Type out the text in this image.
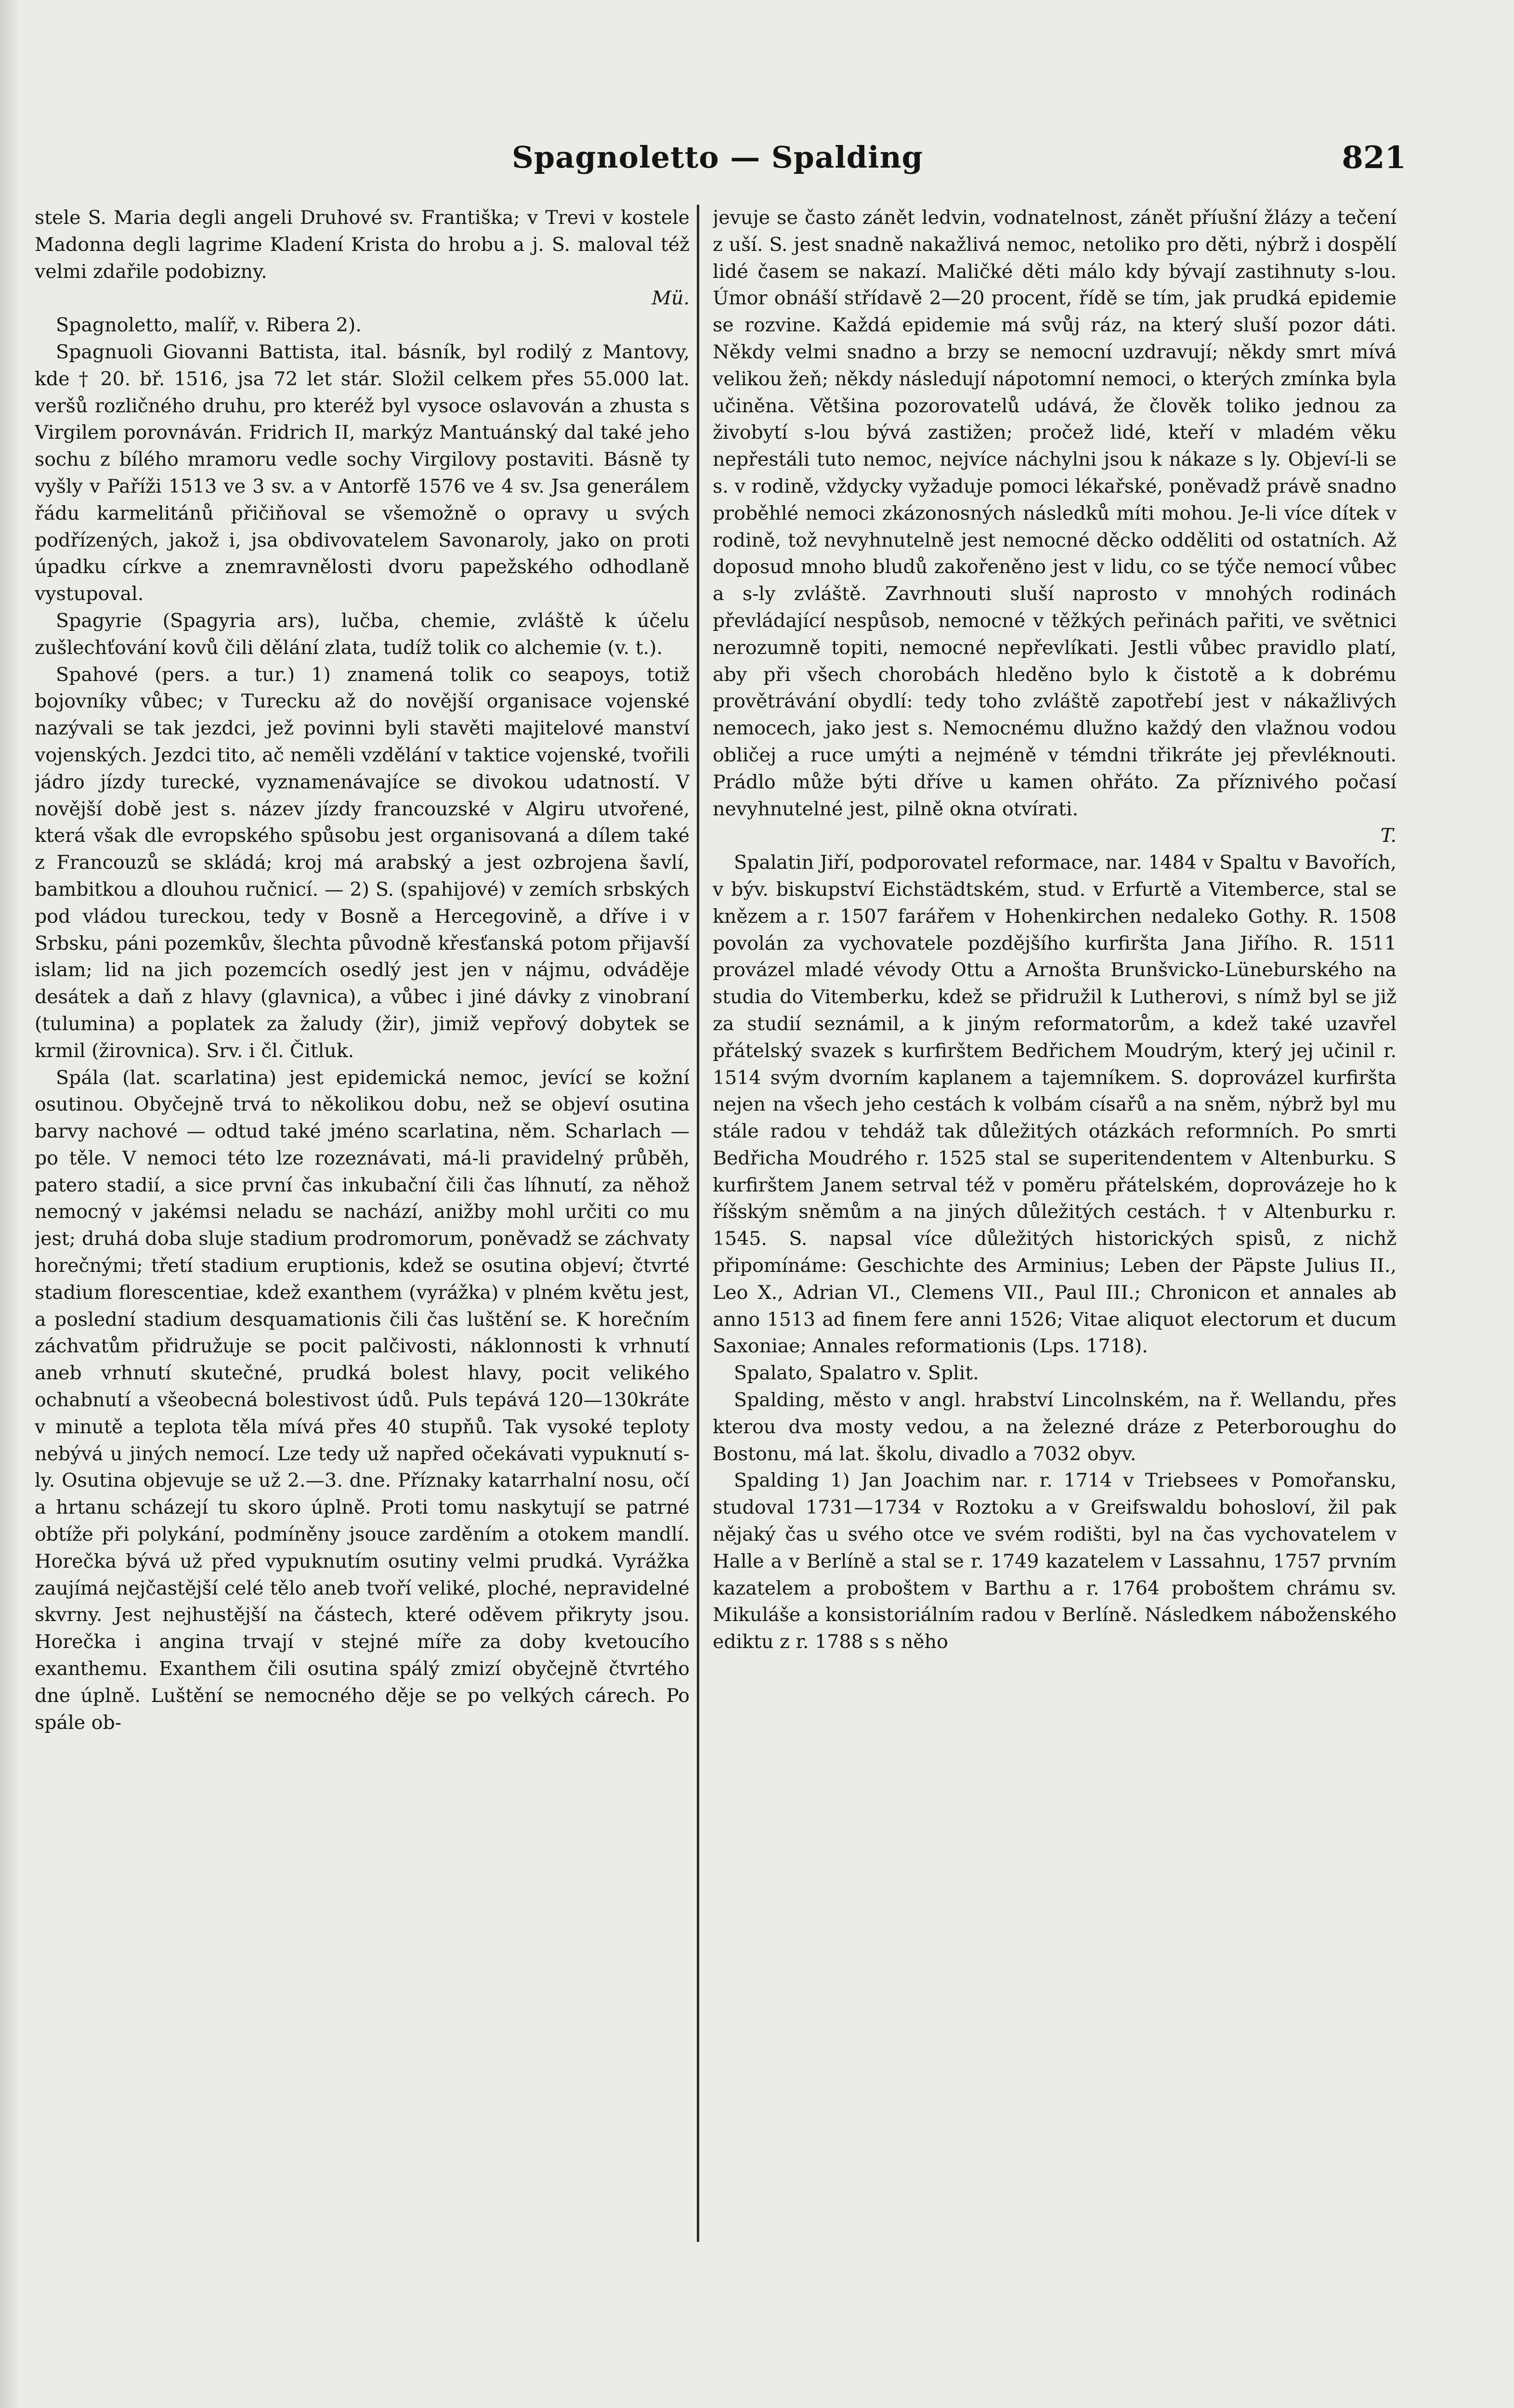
Spagnoletto — Spalding	821

stele S. Maria degli angeli Druhové sv. Františka; v Trevi v kostele Madonna degli lagrime Kladení Krista do hrobu a j. S. maloval též velmi zdařile podobizny.
Mü.

Spagnoletto, malíř, v. Ribera 2).

Spagnuoli Giovanni Battista, ital. básník, byl rodilý z Mantovy, kde † 20. bř. 1516, jsa 72 let stár. Složil celkem přes 55.000 lat. veršů rozličného druhu, pro kteréž byl vysoce oslavován a zhusta s Virgilem porovnáván. Fridrich II, markýz Mantuánský dal také jeho sochu z bílého mramoru vedle sochy Virgilovy postaviti. Básně ty vyšly v Paříži 1513 ve 3 sv. a v Antorfě 1576 ve 4 sv. Jsa generálem řádu karmelitánů přičiňoval se všemožně o opravy u svých podřízených, jakož i, jsa obdivovatelem Savonaroly, jako on proti úpadku církve a znemravnělosti dvoru papežského odhodlaně vystupoval.

Spagyrie (Spagyria ars), lučba, chemie, zvláště k účelu zušlechťování kovů čili dělání zlata, tudíž tolik co alchemie (v. t.).

Spahové (pers. a tur.) 1) znamená tolik co seapoys, totiž bojovníky vůbec; v Turecku až do novější organisace vojenské nazývali se tak jezdci, jež povinni byli stavěti majitelové manství vojenských. Jezdci tito, ač neměli vzdělání v taktice vojenské, tvořili jádro jízdy turecké, vyznamenávajíce se divokou udatností. V novější době jest s. název jízdy francouzské v Algiru utvořené, která však dle evropského spůsobu jest organisovaná a dílem také z Francouzů se skládá; kroj má arabský a jest ozbrojena šavlí, bambitkou a dlouhou ručnicí. — 2) S. (spahijové) v zemích srbských pod vládou tureckou, tedy v Bosně a Hercegovině, a dříve i v Srbsku, páni pozemkův, šlechta původně křesťanská potom přijavší islam; lid na jich pozemcích osedlý jest jen v nájmu, odváděje desátek a daň z hlavy (glavnica), a vůbec i jiné dávky z vinobraní (tulumina) a poplatek za žaludy (žir), jimiž vepřový dobytek se krmil (žirovnica). Srv. i čl. Čitluk.

Spála (lat. scarlatina) jest epidemická nemoc, jevící se kožní osutinou. Obyčejně trvá to několikou dobu, než se objeví osutina barvy nachové — odtud také jméno scarlatina, něm. Scharlach — po těle. V nemoci této lze rozeznávati, má-li pravidelný průběh, patero stadií, a sice první čas inkubační čili čas líhnutí, za něhož nemocný v jakémsi neladu se nachází, anižby mohl určiti co mu jest; druhá doba sluje stadium prodromorum, poněvadž se záchvaty horečnými; třetí stadium eruptionis, kdež se osutina objeví; čtvrté stadium florescentiae, kdež exanthem (vyrážka) v plném květu jest, a poslední stadium desquamationis čili čas luštění se. K horečním záchvatům přidružuje se pocit palčivosti, náklonnosti k vrhnutí aneb vrhnutí skutečné, prudká bolest hlavy, pocit velikého ochabnutí a všeobecná bolestivost údů. Puls tepává 120—130kráte v minutě a teplota těla mívá přes 40 stupňů. Tak vysoké teploty nebývá u jiných nemocí. Lze tedy už napřed očekávati vypuknutí s-ly. Osutina objevuje se už 2.—3. dne. Příznaky katarrhalní nosu, očí a hrtanu scházejí tu skoro úplně. Proti tomu naskytují se patrné obtíže při polykání, podmíněny jsouce zarděním a otokem mandlí. Horečka bývá už před vypuknutím osutiny velmi prudká. Vyrážka zaujímá nejčastější celé tělo aneb tvoří veliké, ploché, nepravidelné skvrny. Jest nejhustější na částech, které oděvem přikryty jsou. Horečka i angina trvají v stejné míře za doby kvetoucího exanthemu. Exanthem čili osutina spálý zmizí obyčejně čtvrtého dne úplně. Luštění se nemocného děje se po velkých cárech. Po spále ob-

jevuje se často zánět ledvin, vodnatelnost, zánět příušní žlázy a tečení z uší. S. jest snadně nakažlivá nemoc, netoliko pro děti, nýbrž i dospělí lidé časem se nakazí. Maličké děti málo kdy bývají zastihnuty s-lou. Úmor obnáší střídavě 2—20 procent, řídě se tím, jak prudká epidemie se rozvine. Každá epidemie má svůj ráz, na který sluší pozor dáti. Někdy velmi snadno a brzy se nemocní uzdravují; někdy smrt mívá velikou žeň; někdy následují nápotomní nemoci, o kterých zmínka byla učiněna. Většina pozorovatelů udává, že člověk toliko jednou za živobytí s-lou bývá zastižen; pročež lidé, kteří v mladém věku nepřestáli tuto nemoc, nejvíce náchylni jsou k nákaze s ly. Objeví-li se s. v rodině, vždycky vyžaduje pomoci lékařské, poněvadž právě snadno proběhlé nemoci zkázonosných následků míti mohou. Je-li více dítek v rodině, tož nevyhnutelně jest nemocné děcko odděliti od ostatních. Až doposud mnoho bludů zakořeněno jest v lidu, co se týče nemocí vůbec a s-ly zvláště. Zavrhnouti sluší naprosto v mnohých rodinách převládající nespůsob, nemocné v těžkých peřinách pařiti, ve světnici nerozumně topiti, nemocné nepřevlíkati. Jestli vůbec pravidlo platí, aby při všech chorobách hleděno bylo k čistotě a k dobrému provětrávání obydlí: tedy toho zvláště zapotřebí jest v nákažlivých nemocech, jako jest s. Nemocnému dlužno každý den vlažnou vodou obličej a ruce umýti a nejméně v témdni třikráte jej převléknouti. Prádlo může býti dříve u kamen ohřáto. Za příznivého počasí nevyhnutelné jest, pilně okna otvírati.
T.

Spalatin Jiří, podporovatel reformace, nar. 1484 v Spaltu v Bavořích, v býv. biskupství Eichstädtském, stud. v Erfurtě a Vitemberce, stal se knězem a r. 1507 farářem v Hohenkirchen nedaleko Gothy. R. 1508 povolán za vychovatele pozdějšího kurfiršta Jana Jiřího. R. 1511 provázel mladé vévody Ottu a Arnošta Brunšvicko-Lüneburského na studia do Vitemberku, kdež se přidružil k Lutherovi, s nímž byl se již za studií seznámil, a k jiným reformatorům, a kdež také uzavřel přátelský svazek s kurfirštem Bedřichem Moudrým, který jej učinil r. 1514 svým dvorním kaplanem a tajemníkem. S. doprovázel kurfiršta nejen na všech jeho cestách k volbám císařů a na sněm, nýbrž byl mu stále radou v tehdáž tak důležitých otázkách reformních. Po smrti Bedřicha Moudrého r. 1525 stal se superitendentem v Altenburku. S kurfirštem Janem setrval též v poměru přátelském, doprovázeje ho k říšským sněmům a na jiných důležitých cestách. † v Altenburku r. 1545. S. napsal více důležitých historických spisů, z nichž připomínáme: Geschichte des Arminius; Leben der Päpste Julius II., Leo X., Adrian VI., Clemens VII., Paul III.; Chronicon et annales ab anno 1513 ad finem fere anni 1526; Vitae aliquot electorum et ducum Saxoniae; Annales reformationis (Lps. 1718).

Spalato, Spalatro v. Split.

Spalding, město v angl. hrabství Lincolnském, na ř. Wellandu, přes kterou dva mosty vedou, a na železné dráze z Peterboroughu do Bostonu, má lat. školu, divadlo a 7032 obyv.

Spalding 1) Jan Joachim nar. r. 1714 v Triebsees v Pomořansku, studoval 1731—1734 v Roztoku a v Greifswaldu bohosloví, žil pak nějaký čas u svého otce ve svém rodišti, byl na čas vychovatelem v Halle a v Berlíně a stal se r. 1749 kazatelem v Lassahnu, 1757 prvním kazatelem a proboštem v Barthu a r. 1764 proboštem chrámu sv. Mikuláše a konsistoriálním radou v Berlíně. Následkem náboženského ediktu z r. 1788 s s něho
